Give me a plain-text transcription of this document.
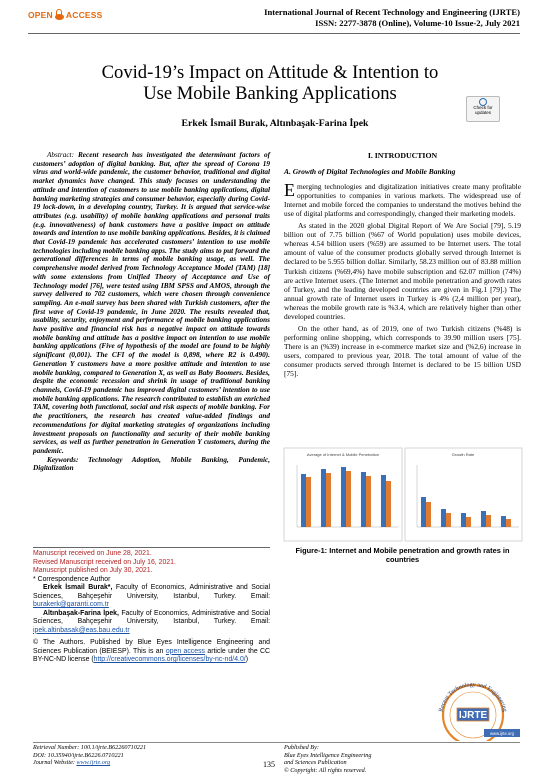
OPEN ACCESS	International Journal of Recent Technology and Engineering (IJRTE)
ISSN: 2277-3878 (Online), Volume-10 Issue-2, July 2021
Covid-19’s Impact on Attitude & Intention to
Use Mobile Banking Applications
Check for updates
Erkek İsmail Burak, Altınbaşak-Farina İpek

Abstract: Recent research has investigated the determinant factors of customers’ adoption of digital banking. But, after the spread of Corona 19 virus and world-wide pandemic, the customer behavior, traditional and digital market dynamics have changed. This study focuses on understanding the attitude and intention of customers to use mobile banking applications, digital banking marketing strategies and consumer behavior, especially during Covid-19 lock-down, in a developing country, Turkey. It is argued that service-wise attributes (e.g. usability) of mobile banking applications and personal traits (e.g. innovativeness) of bank customers have a positive impact on attitude towards and intention to use mobile banking applications. Besides, it is claimed that Covid-19 pandemic has accelerated customers’ intention to use mobile technologies including mobile banking apps. The study aims to put forward the generational differences in terms of mobile banking usage, as well. The comprehensive model derived from Technology Acceptance Model (TAM) [18] with some extensions from Unified Theory of Acceptance and Use of Technology model [76], were tested using IBM SPSS and AMOS, through the survey delivered to 702 customers, which were chosen through convenience sampling. An e-mail survey has been shared with Turkish customers, after the first wave of Covid-19 pandemic, in June 2020. The results revealed that, usability, security, enjoyment and performance of mobile banking applications have positive and financial risk has a negative impact on attitude towards mobile banking and attitude has a positive impact on intention to use mobile banking applications (Five of hypothesis of the model are found to be highly significant (0,001). The CFI of the model is 0,898, where R2 is 0.490). Generation Y customers have a more positive attitude and intention to use mobile banking, compared to Generation X, as well as Baby Boomers. Besides, despite the economic recession and shrink in usage of traditional banking channels, Covid-19 pandemic has improved digital customers’ intention to use mobile banking applications. The research contributed to establish an enriched TAM, covering both functional, social and risk aspects of mobile banking. For the practitioners, the research has created value-added findings and recommendations for digital marketing strategies of organizations including investment proposals on functionality and security of their mobile banking services, as well as further penetration in Generation Y customers, during the pandemic.

Keywords: Technology Adoption, Mobile Banking, Pandemic, Digitalization

I. INTRODUCTION
A. Growth of Digital Technologies and Mobile Banking

Emerging technologies and digitalization initiatives create many profitable opportunities to companies in various markets. The widespread use of Internet and mobile forced the companies to understand the motives behind the use of digital platforms and correspondingly, changed their marketing models.

As stated in the 2020 global Digital Report of We Are Social [79], 5.19 billion out of 7.75 billion (%67 of World population) uses mobile devices, whereas 4.54 billion users (%59) are assumed to be Internet users. The total amount of value of the consumer products globally served through Internet is declared to be 5.955 billion dollar. Similarly, 58.23 million out of 83.88 million Turkish citizens (%69,4%) have mobile subscription and 62.07 million (74%) are active Internet users. (The Internet and mobile penetration and growth rates of Turkey, and the leading developed countries are given in Fig.1 [79].) The annual growth rate of Internet users in Turkey is 4% (2,4 million per year), whereas the mobile growth rate is %3.4, which are relatively higher than other developed countries.

On the other hand, as of 2019, one of two Turkish citizens (%48) is performing online shopping, which corresponds to 39.90 million users [75]. There is an (%39) increase in e-commerce market size and (%2,6) increase in users, compared to previous year, 2018. The total amount of value of the consumer products served through Internet is declared to be 15 billion USD [75].

Average of Internet & Mobile Penetration	Growth Rate
Figure-1: Internet and Mobile penetration and growth rates in countries
Manuscript received on June 28, 2021.
Revised Manuscript received on July 16, 2021.
Manuscript published on July 30, 2021.
* Correspondence Author
Erkek İsmail Burak*, Faculty of Economics, Administrative and Social Sciences, Bahçeşehir University, Istanbul, Turkey. Email: burakerk@garanti.com.tr
Altınbaşak-Farina İpek, Faculty of Economics, Administrative and Social Sciences, Bahçeşehir University, Istanbul, Turkey. Email: ipek.altinbasak@eas.bau.edu.tr
© The Authors. Published by Blue Eyes Intelligence Engineering and Sciences Publication (BEIESP). This is an open access article under the CC BY-NC-ND license (http://creativecommons.org/licenses/by-nc-nd/4.0/)
Retrieval Number: 100.1/ijrte.B62260710221
DOI: 10.35940/ijrte.B6226.0710221
Journal Website: www.ijrte.org	135
Published By:
Blue Eyes Intelligence Engineering
and Sciences Publication
© Copyright: All rights reserved.
Recent Technology and Engineering
IJRTE
www.ijrte.org
